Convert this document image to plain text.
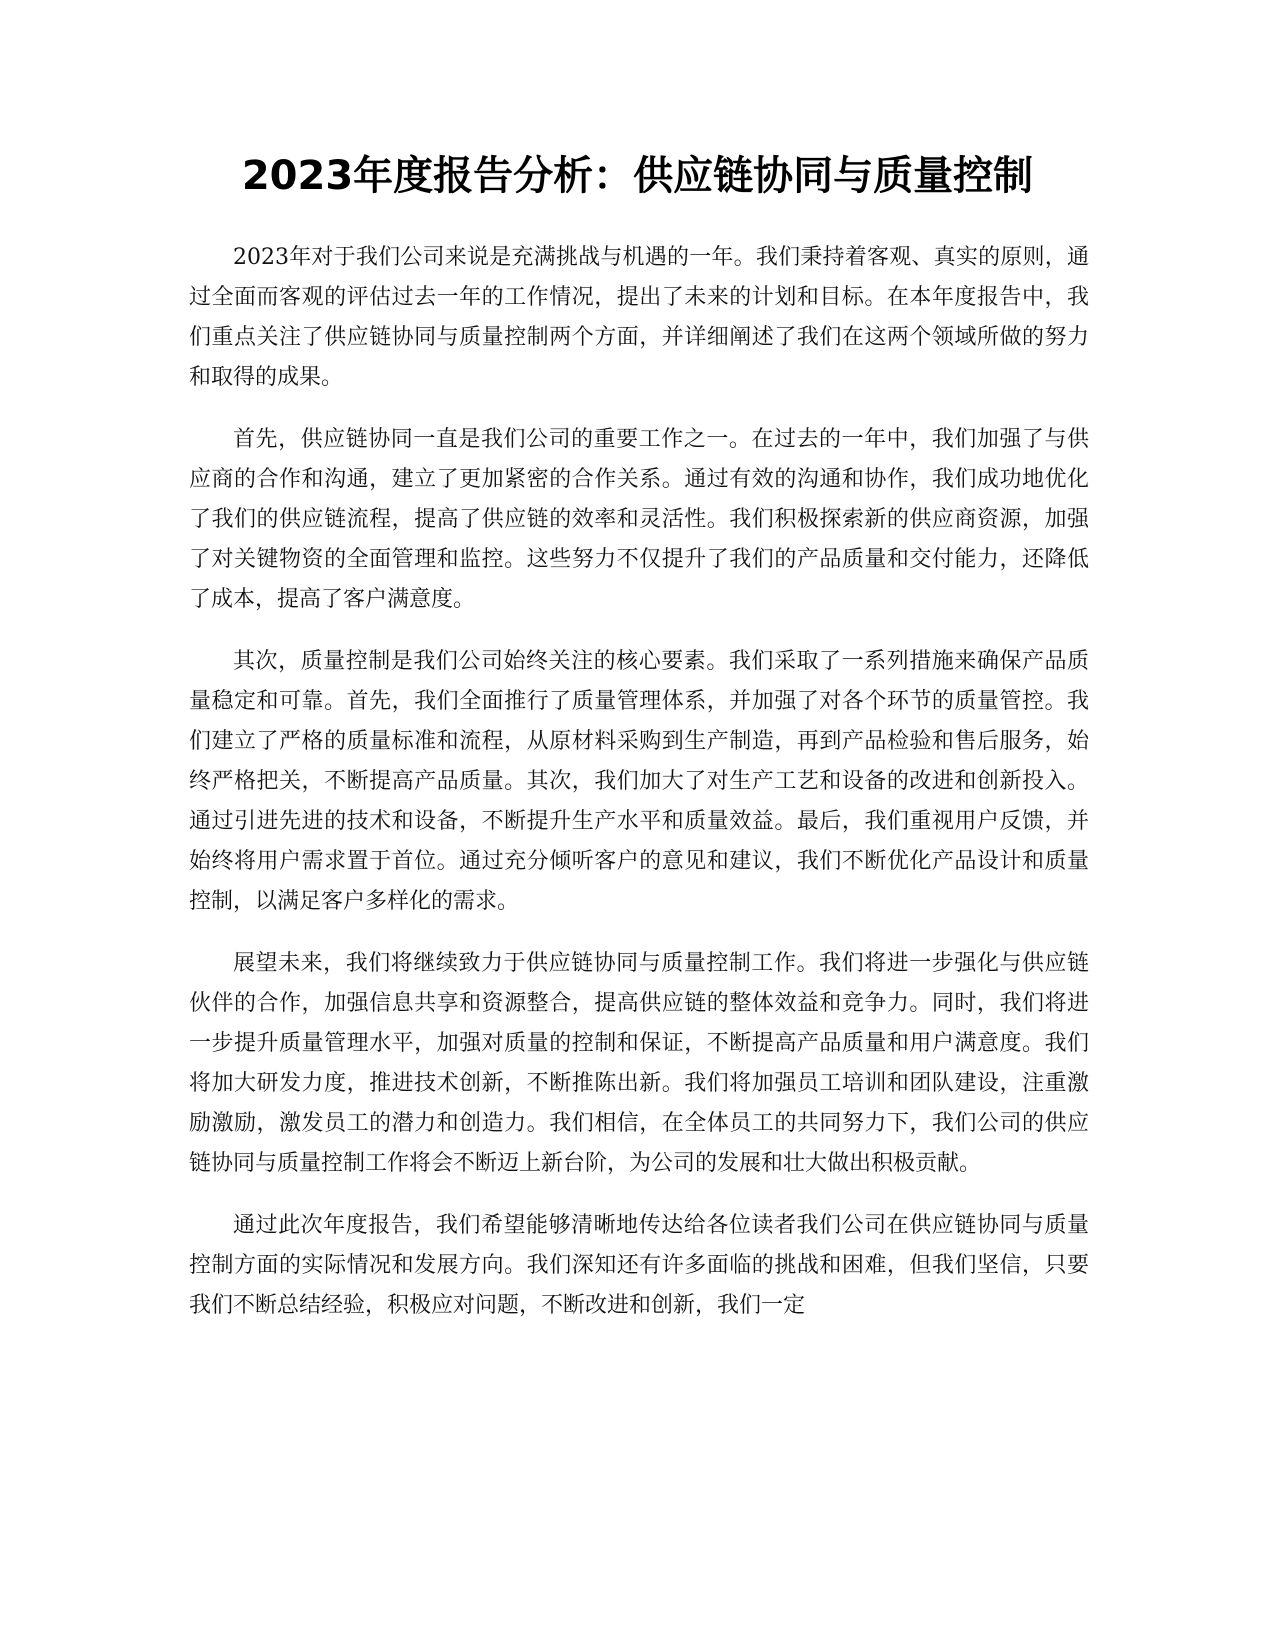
2023年度报告分析：供应链协同与质量控制

2023年对于我们公司来说是充满挑战与机遇的一年。我们秉持着客观、真实的原则，通过全面而客观的评估过去一年的工作情况，提出了未来的计划和目标。在本年度报告中，我们重点关注了供应链协同与质量控制两个方面，并详细阐述了我们在这两个领域所做的努力和取得的成果。

首先，供应链协同一直是我们公司的重要工作之一。在过去的一年中，我们加强了与供应商的合作和沟通，建立了更加紧密的合作关系。通过有效的沟通和协作，我们成功地优化了我们的供应链流程，提高了供应链的效率和灵活性。我们积极探索新的供应商资源，加强了对关键物资的全面管理和监控。这些努力不仅提升了我们的产品质量和交付能力，还降低了成本，提高了客户满意度。

其次，质量控制是我们公司始终关注的核心要素。我们采取了一系列措施来确保产品质量稳定和可靠。首先，我们全面推行了质量管理体系，并加强了对各个环节的质量管控。我们建立了严格的质量标准和流程，从原材料采购到生产制造，再到产品检验和售后服务，始终严格把关，不断提高产品质量。其次，我们加大了对生产工艺和设备的改进和创新投入。通过引进先进的技术和设备，不断提升生产水平和质量效益。最后，我们重视用户反馈，并始终将用户需求置于首位。通过充分倾听客户的意见和建议，我们不断优化产品设计和质量控制，以满足客户多样化的需求。

展望未来，我们将继续致力于供应链协同与质量控制工作。我们将进一步强化与供应链伙伴的合作，加强信息共享和资源整合，提高供应链的整体效益和竞争力。同时，我们将进一步提升质量管理水平，加强对质量的控制和保证，不断提高产品质量和用户满意度。我们将加大研发力度，推进技术创新，不断推陈出新。我们将加强员工培训和团队建设，注重激励激励，激发员工的潜力和创造力。我们相信，在全体员工的共同努力下，我们公司的供应链协同与质量控制工作将会不断迈上新台阶，为公司的发展和壮大做出积极贡献。

通过此次年度报告，我们希望能够清晰地传达给各位读者我们公司在供应链协同与质量控制方面的实际情况和发展方向。我们深知还有许多面临的挑战和困难，但我们坚信，只要我们不断总结经验，积极应对问题，不断改进和创新，我们一定
